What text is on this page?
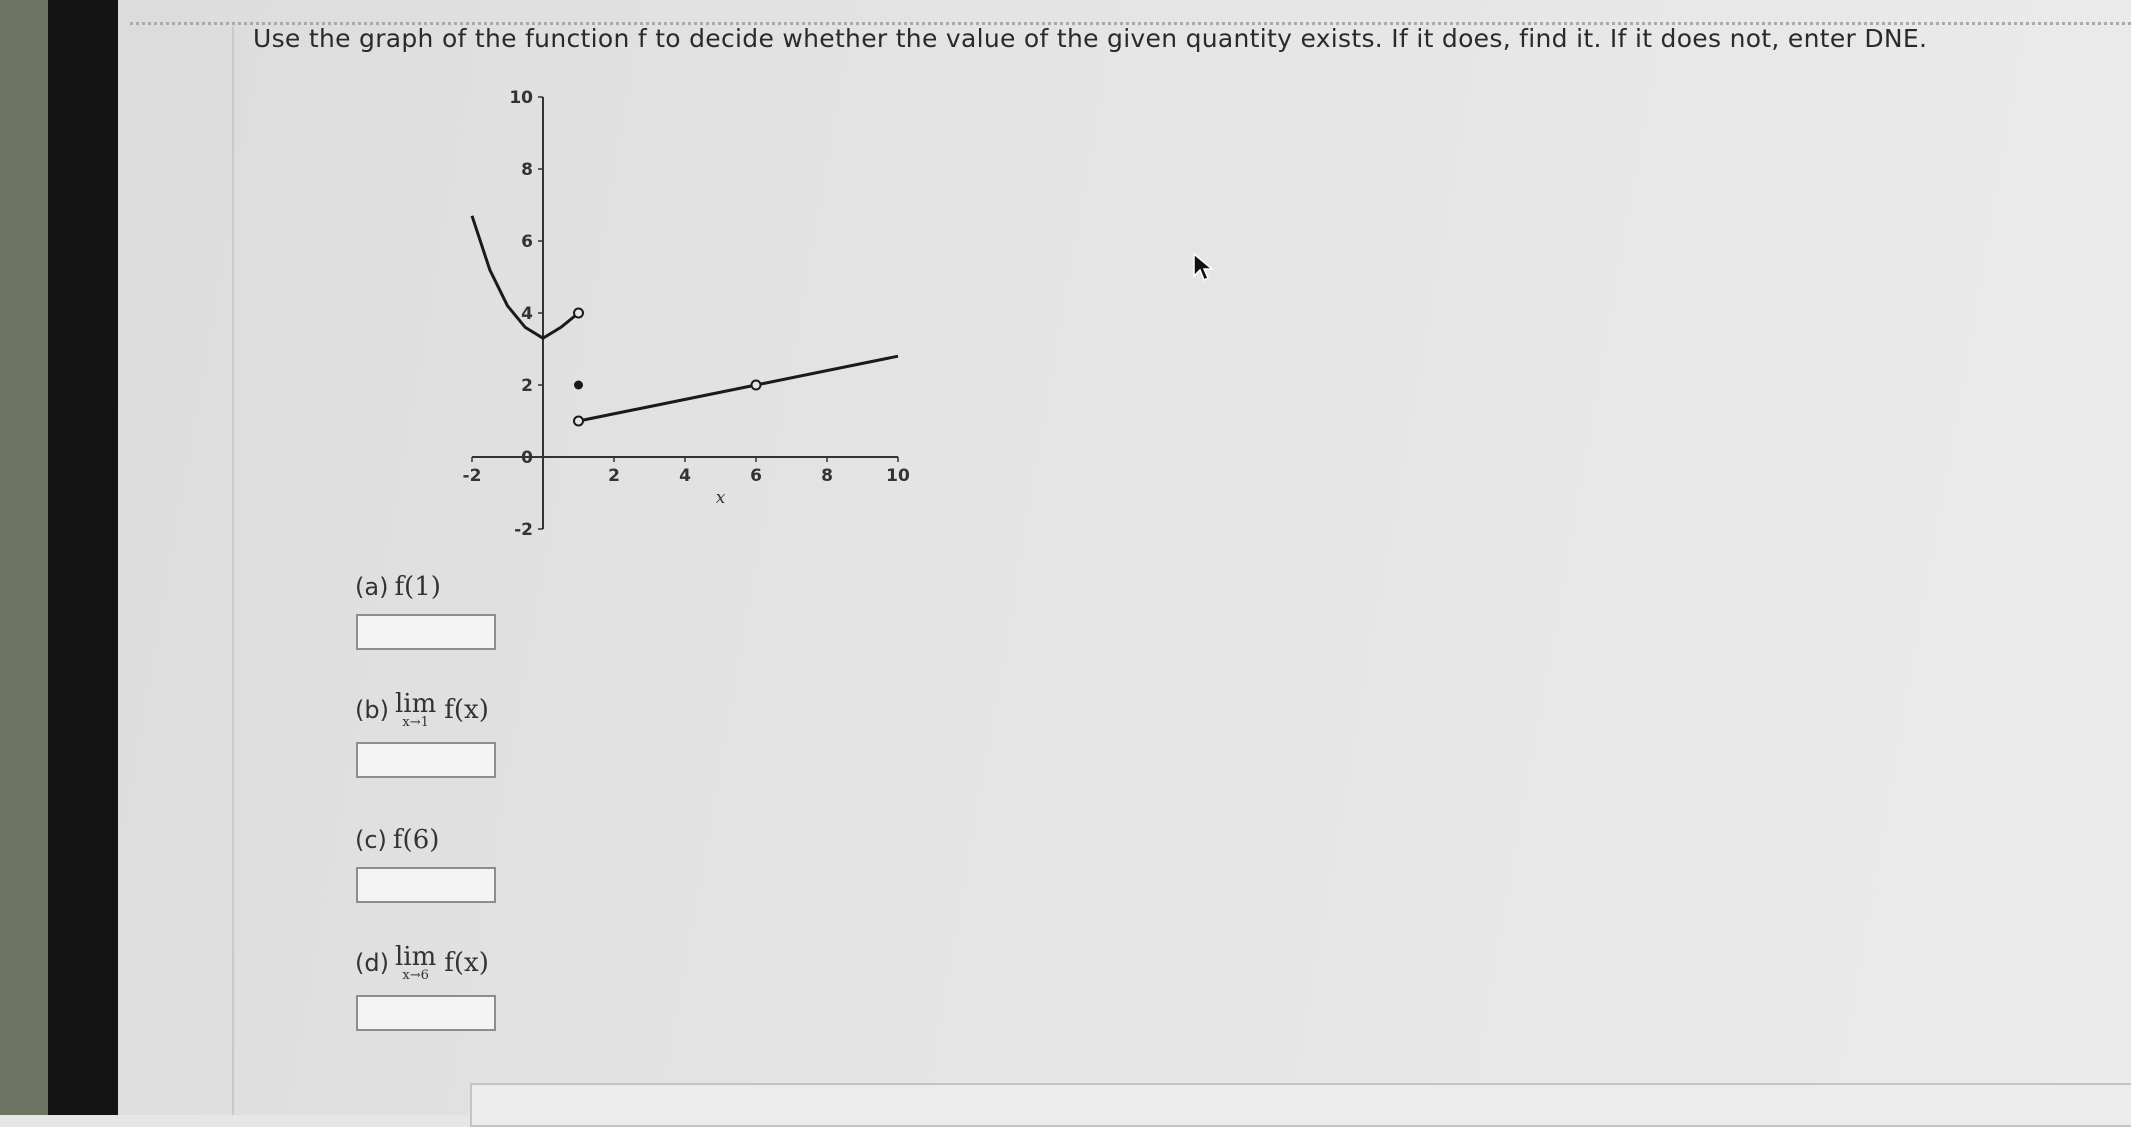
Use the graph of the function f to decide whether the value of the given quantity exists. If it does, find it. If it does not, enter DNE.
-2	2	4	6	8	10
-2
0
2
4
6
8
10
x
(a) f(1)
(b) lim
x→1 f(x)
(c) f(6)
(d) lim
x→6 f(x)
